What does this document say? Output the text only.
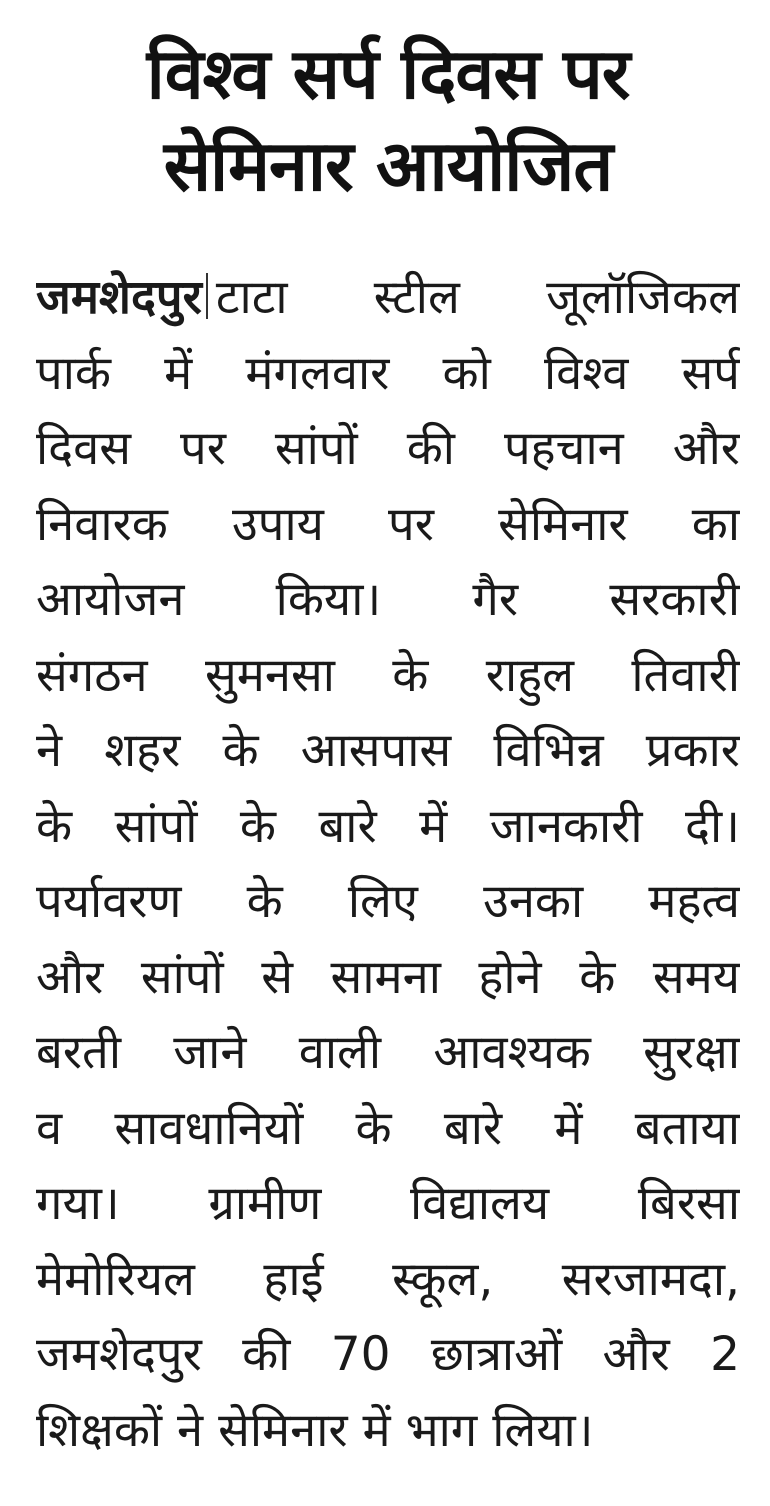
विश्व सर्प दिवस पर
सेमिनार आयोजित
जमशेदपुर टाटा स्टील जूलॉजिकल
पार्क में मंगलवार को विश्व सर्प
दिवस पर सांपों की पहचान और
निवारक उपाय पर सेमिनार का
आयोजन किया। गैर सरकारी
संगठन सुमनसा के राहुल तिवारी
ने शहर के आसपास विभिन्न प्रकार
के सांपों के बारे में जानकारी दी।
पर्यावरण के लिए उनका महत्व
और सांपों से सामना होने के समय
बरती जाने वाली आवश्यक सुरक्षा
व सावधानियों के बारे में बताया
गया। ग्रामीण विद्यालय बिरसा
मेमोरियल हाई स्कूल, सरजामदा,
जमशेदपुर की 70 छात्राओं और 2
शिक्षकों ने सेमिनार में भाग लिया।
